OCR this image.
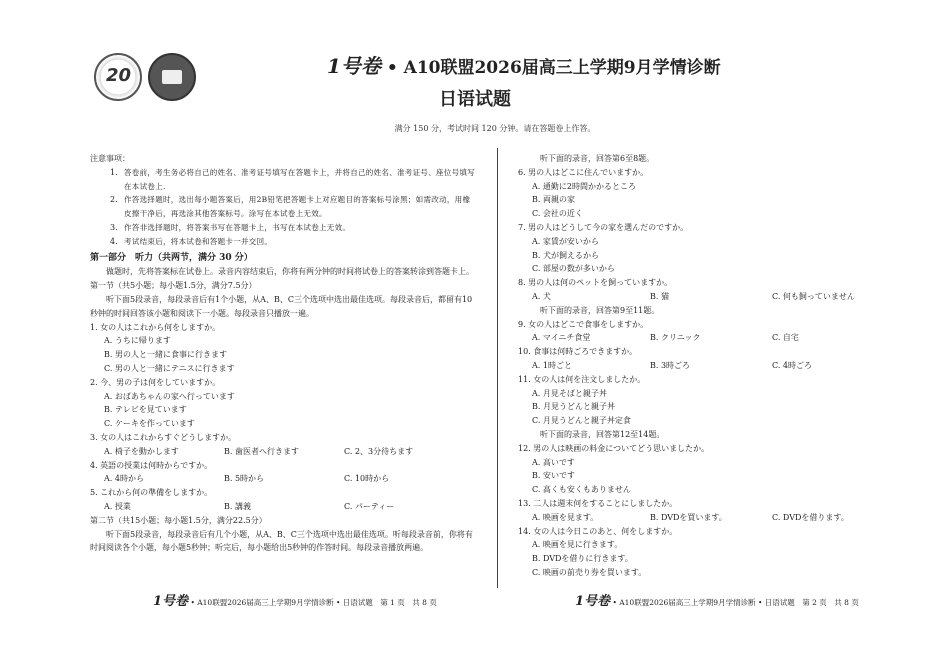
20	1号卷 • A10联盟2026届高三上学期9月学情诊断
日语试题
满分 150 分，考试时间 120 分钟。请在答题卷上作答。
注意事项：
1. 答卷前，考生务必将自己的姓名、准考证号填写在答题卡上，并将自己的姓名、准考证号、座位号填写在本试卷上.
2. 作答选择题时，选出每小题答案后，用2B铅笔把答题卡上对应题目的答案标号涂黑；如需改动，用橡皮擦干净后，再选涂其他答案标号。涂写在本试卷上无效。
3. 作答非选择题时，将答案书写在答题卡上，书写在本试卷上无效。
4. 考试结束后，将本试卷和答题卡一并交回。
第一部分　听力（共两节，满分 30 分）
做题时，先将答案标在试卷上。录音内容结束后，你将有两分钟的时间将试卷上的答案转涂到答题卡上。
第一节（共5小题；每小题1.5分，满分7.5分）
听下面5段录音，每段录音后有1个小题，从A、B、C三个选项中选出最佳选项。每段录音后，都留有10秒钟的时间回答该小题和阅读下一小题。每段录音只播放一遍。
1. 女の人はこれから何をしますか。
A. うちに帰ります
B. 男の人と一緒に食事に行きます
C. 男の人と一緒にテニスに行きます
2. 今、男の子は何をしていますか。
A. おばあちゃんの家へ行っています
B. テレビを見ています
C. ケーキを作っています
3. 女の人はこれからすぐどうしますか。
A. 椅子を動かします	B. 歯医者へ行きます	C. 2、3分待ちます
4. 英語の授業は何時からですか。
A. 4時から	B. 5時から	C. 10時から
5. これから何の準備をしますか。
A. 授業	B. 講義	C. パーティー
第二节（共15小题；每小题1.5分，满分22.5分）
听下面5段录音，每段录音后有几个小题，从A、B、C三个选项中选出最佳选项。听每段录音前，你将有时间阅读各个小题，每小题5秒钟；听完后，每小题给出5秒钟的作答时间。每段录音播放两遍。
听下面的录音，回答第6至8题。
6. 男の人はどこに住んでいますか。
A. 通勤に2時間かかるところ
B. 両親の家
C. 会社の近く
7. 男の人はどうして今の家を選んだのですか。
A. 家賃が安いから
B. 犬が飼えるから
C. 部屋の数が多いから
8. 男の人は何のペットを飼っていますか。
A. 犬	B. 猫	C. 何も飼っていません
听下面的录音，回答第9至11题。
9. 女の人はどこで食事をしますか。
A. マイニチ食堂	B. クリニック	C. 自宅
10. 食事は何時ごろできますか。
A. 1時ごと	B. 3時ごろ	C. 4時ごろ
11. 女の人は何を注文しましたか。
A. 月見そばと親子丼
B. 月見うどんと親子丼
C. 月見うどんと親子丼定食
听下面的录音，回答第12至14题。
12. 男の人は映画の料金についてどう思いましたか。
A. 高いです
B. 安いです
C. 高くも安くもありません
13. 二人は週末何をすることにしましたか。
A. 映画を見ます。	B. DVDを買います。	C. DVDを借ります。
14. 女の人は今日このあと、何をしますか。
A. 映画を見に行きます。
B. DVDを借りに行きます。
C. 映画の前売り券を買います。
1号卷 • A10联盟2026届高三上学期9月学情诊断 • 日语试题　第 1 页　共 8 页	1号卷 • A10联盟2026届高三上学期9月学情诊断 • 日语试题　第 2 页　共 8 页
